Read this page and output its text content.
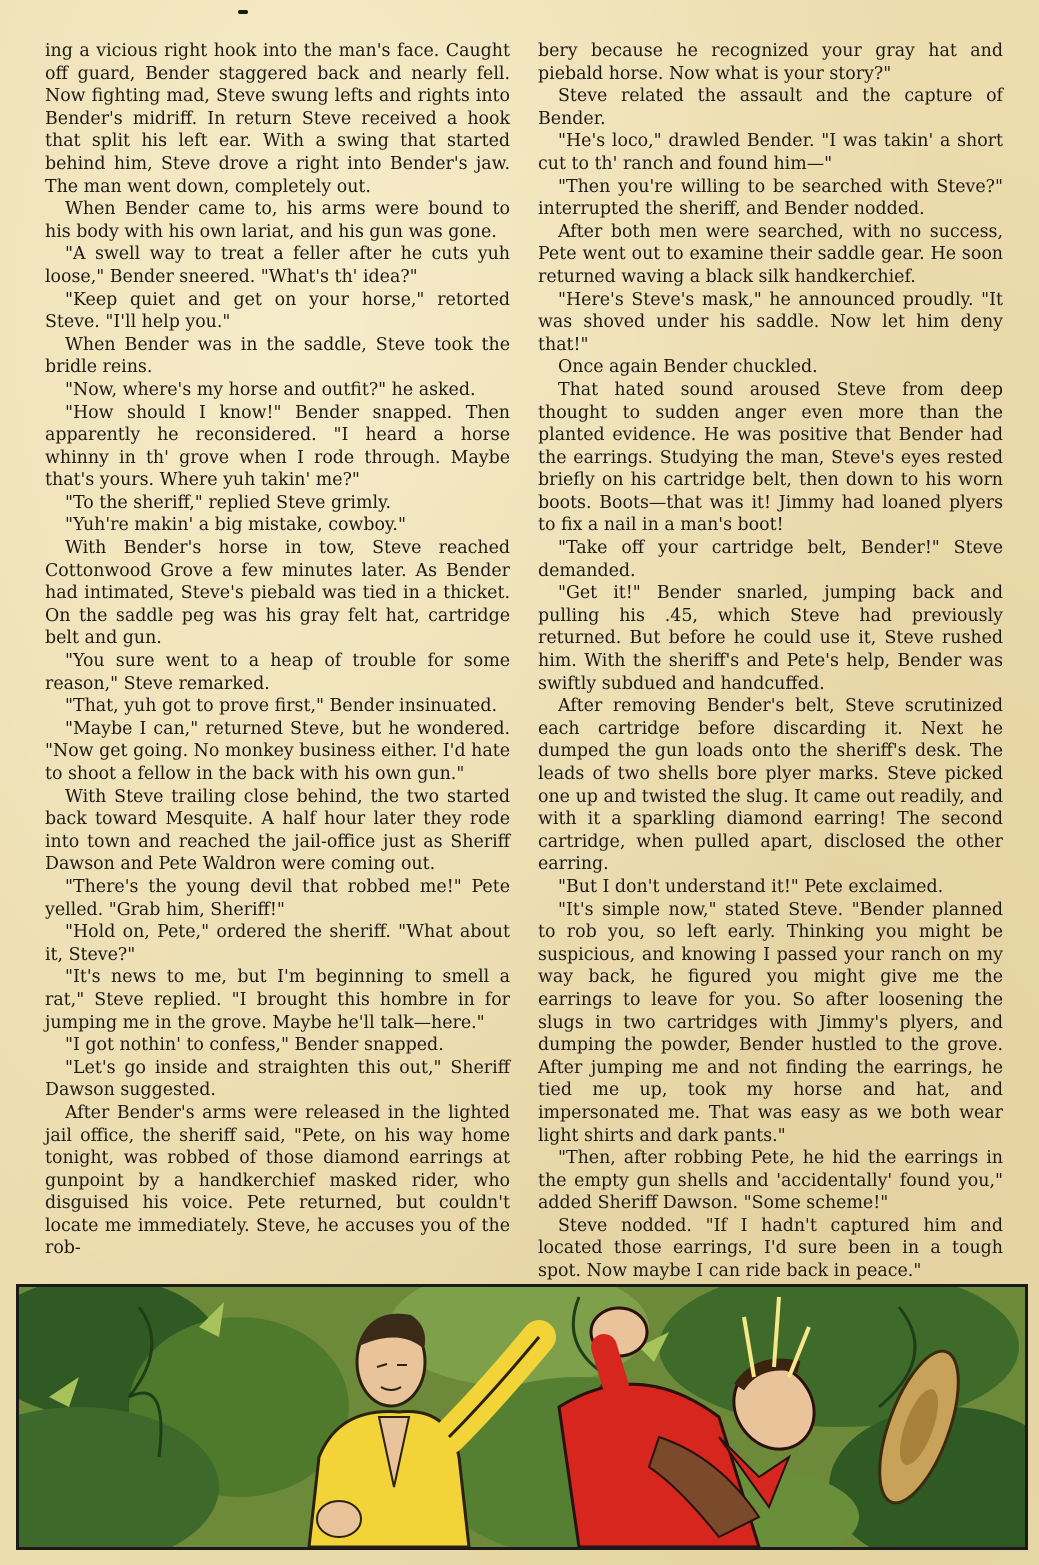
ing a vicious right hook into the man's face. Caught off guard, Bender staggered back and nearly fell. Now fighting mad, Steve swung lefts and rights into Bender's midriff. In return Steve received a hook that split his left ear. With a swing that started behind him, Steve drove a right into Bender's jaw. The man went down, completely out.

When Bender came to, his arms were bound to his body with his own lariat, and his gun was gone.

"A swell way to treat a feller after he cuts yuh loose," Bender sneered. "What's th' idea?"

"Keep quiet and get on your horse," retorted Steve. "I'll help you."

When Bender was in the saddle, Steve took the bridle reins.

"Now, where's my horse and outfit?" he asked.

"How should I know!" Bender snapped. Then apparently he reconsidered. "I heard a horse whinny in th' grove when I rode through. Maybe that's yours. Where yuh takin' me?"

"To the sheriff," replied Steve grimly.

"Yuh're makin' a big mistake, cowboy."

With Bender's horse in tow, Steve reached Cottonwood Grove a few minutes later. As Bender had intimated, Steve's piebald was tied in a thicket. On the saddle peg was his gray felt hat, cartridge belt and gun.

"You sure went to a heap of trouble for some reason," Steve remarked.

"That, yuh got to prove first," Bender insinuated.

"Maybe I can," returned Steve, but he wondered. "Now get going. No monkey business either. I'd hate to shoot a fellow in the back with his own gun."

With Steve trailing close behind, the two started back toward Mesquite. A half hour later they rode into town and reached the jail-office just as Sheriff Dawson and Pete Waldron were coming out.

"There's the young devil that robbed me!" Pete yelled. "Grab him, Sheriff!"

"Hold on, Pete," ordered the sheriff. "What about it, Steve?"

"It's news to me, but I'm beginning to smell a rat," Steve replied. "I brought this hombre in for jumping me in the grove. Maybe he'll talk—here."

"I got nothin' to confess," Bender snapped.

"Let's go inside and straighten this out," Sheriff Dawson suggested.

After Bender's arms were released in the lighted jail office, the sheriff said, "Pete, on his way home tonight, was robbed of those diamond earrings at gunpoint by a handkerchief masked rider, who disguised his voice. Pete returned, but couldn't locate me immediately. Steve, he accuses you of the rob-

bery because he recognized your gray hat and piebald horse. Now what is your story?"

Steve related the assault and the capture of Bender.

"He's loco," drawled Bender. "I was takin' a short cut to th' ranch and found him—"

"Then you're willing to be searched with Steve?" interrupted the sheriff, and Bender nodded.

After both men were searched, with no success, Pete went out to examine their saddle gear. He soon returned waving a black silk handkerchief.

"Here's Steve's mask," he announced proudly. "It was shoved under his saddle. Now let him deny that!"

Once again Bender chuckled.

That hated sound aroused Steve from deep thought to sudden anger even more than the planted evidence. He was positive that Bender had the earrings. Studying the man, Steve's eyes rested briefly on his cartridge belt, then down to his worn boots. Boots—that was it! Jimmy had loaned plyers to fix a nail in a man's boot!

"Take off your cartridge belt, Bender!" Steve demanded.

"Get it!" Bender snarled, jumping back and pulling his .45, which Steve had previously returned. But before he could use it, Steve rushed him. With the sheriff's and Pete's help, Bender was swiftly subdued and handcuffed.

After removing Bender's belt, Steve scrutinized each cartridge before discarding it. Next he dumped the gun loads onto the sheriff's desk. The leads of two shells bore plyer marks. Steve picked one up and twisted the slug. It came out readily, and with it a sparkling diamond earring! The second cartridge, when pulled apart, disclosed the other earring.

"But I don't understand it!" Pete exclaimed.

"It's simple now," stated Steve. "Bender planned to rob you, so left early. Thinking you might be suspicious, and knowing I passed your ranch on my way back, he figured you might give me the earrings to leave for you. So after loosening the slugs in two cartridges with Jimmy's plyers, and dumping the powder, Bender hustled to the grove. After jumping me and not finding the earrings, he tied me up, took my horse and hat, and impersonated me. That was easy as we both wear light shirts and dark pants."

"Then, after robbing Pete, he hid the earrings in the empty gun shells and 'accidentally' found you," added Sheriff Dawson. "Some scheme!"

Steve nodded. "If I hadn't captured him and located those earrings, I'd sure been in a tough spot. Now maybe I can ride back in peace."
